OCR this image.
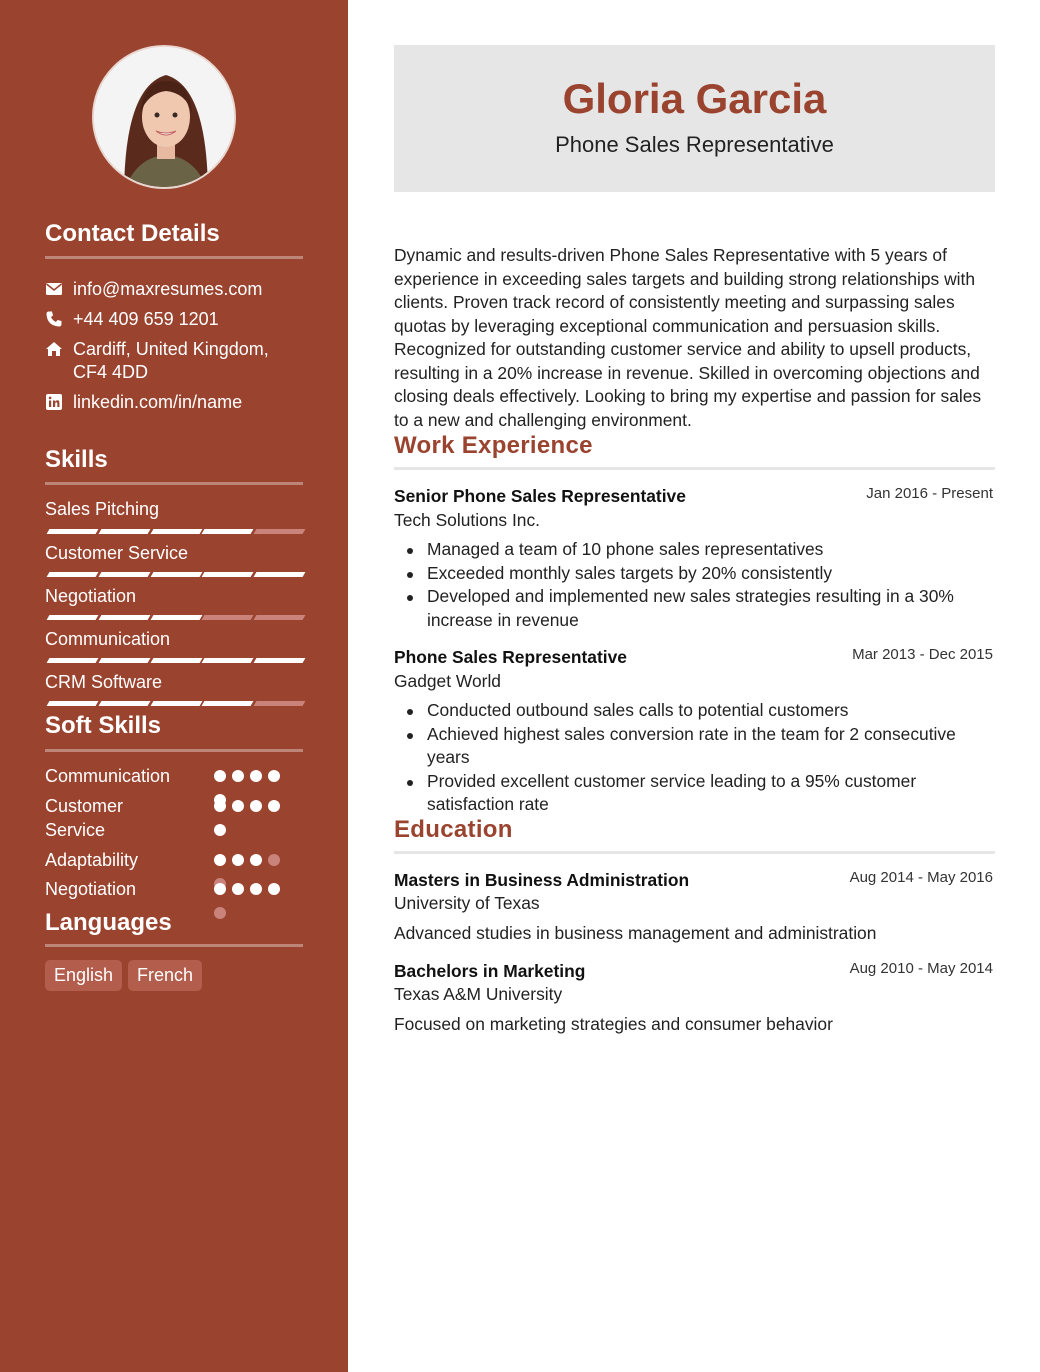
Contact Details
info@maxresumes.com
+44 409 659 1201
Cardiff, United Kingdom,
CF4 4DD
linkedin.com/in/name
Skills
Sales Pitching
Customer Service
Negotiation
Communication
CRM Software
Soft Skills
Communication
Customer Service
Adaptability
Negotiation
Languages
English	French
Gloria Garcia
Phone Sales Representative
Dynamic and results-driven Phone Sales Representative with 5 years of experience in exceeding sales targets and building strong relationships with clients. Proven track record of consistently meeting and surpassing sales quotas by leveraging exceptional communication and persuasion skills. Recognized for outstanding customer service and ability to upsell products, resulting in a 20% increase in revenue. Skilled in overcoming objections and closing deals effectively. Looking to bring my expertise and passion for sales to a new and challenging environment.
Work Experience
Senior Phone Sales Representative	Jan 2016 - Present
Tech Solutions Inc.
Managed a team of 10 phone sales representatives
Exceeded monthly sales targets by 20% consistently
Developed and implemented new sales strategies resulting in a 30% increase in revenue
Phone Sales Representative	Mar 2013 - Dec 2015
Gadget World
Conducted outbound sales calls to potential customers
Achieved highest sales conversion rate in the team for 2 consecutive years
Provided excellent customer service leading to a 95% customer satisfaction rate
Education
Masters in Business Administration	Aug 2014 - May 2016
University of Texas
Advanced studies in business management and administration
Bachelors in Marketing	Aug 2010 - May 2014
Texas A&M University
Focused on marketing strategies and consumer behavior
